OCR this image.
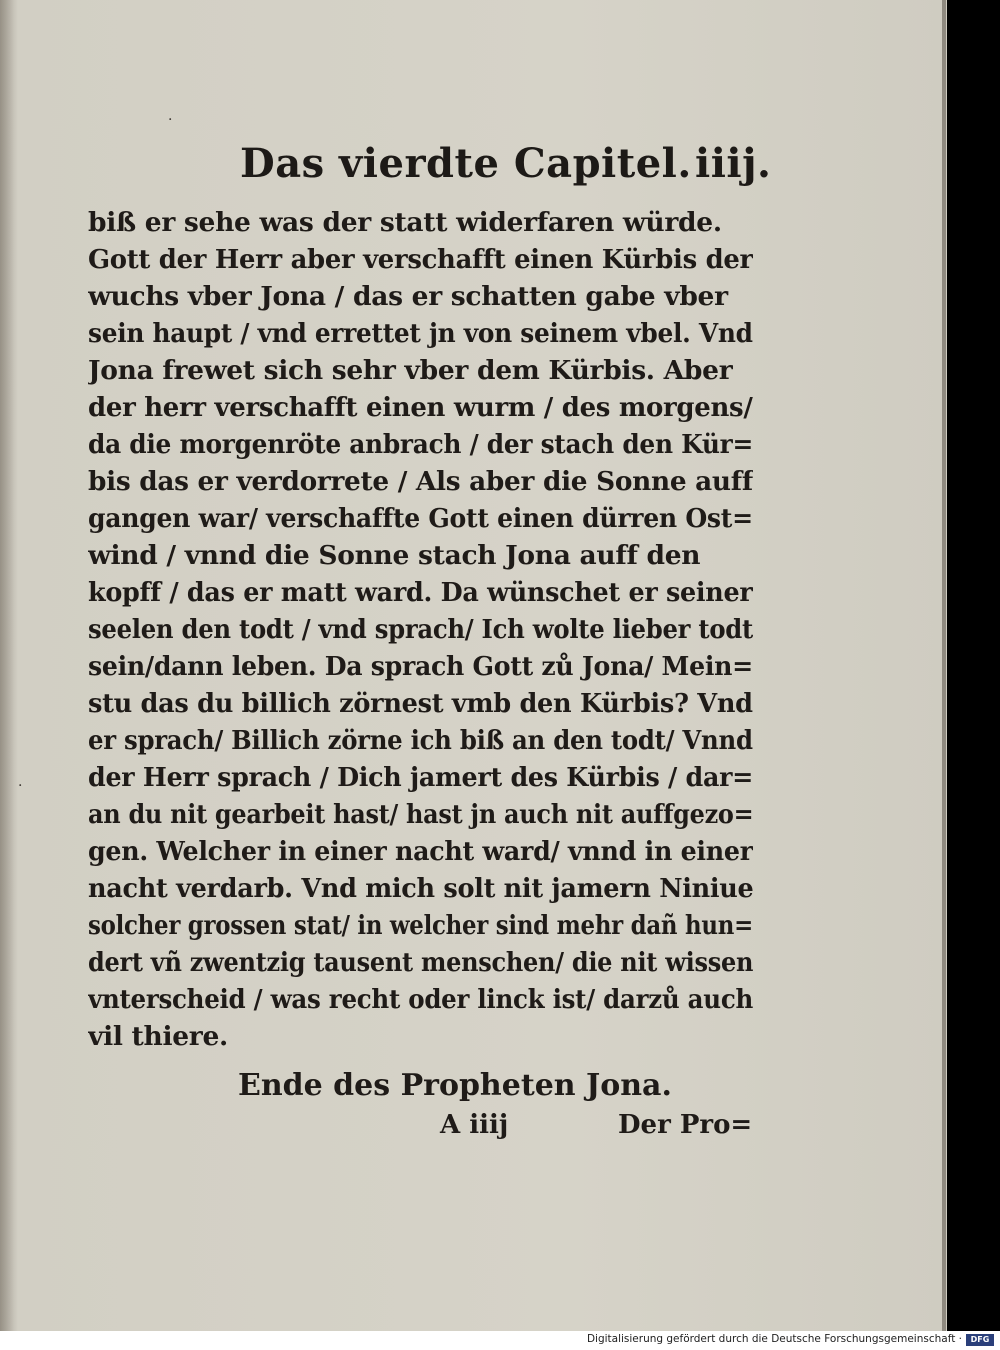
·
·
Das vierdte Capitel. iiij.
biß er sehe was der statt widerfaren würde.
Gott der Herr aber verschafft einen Kürbis der
wuchs vber Jona / das er schatten gabe vber
sein haupt / vnd errettet jn von seinem vbel. Vnd
Jona frewet sich sehr vber dem Kürbis. Aber
der herr verschafft einen wurm / des morgens/
da die morgenröte anbrach / der stach den Kür=
bis das er verdorrete / Als aber die Sonne auff
gangen war/ verschaffte Gott einen dürren Ost=
wind / vnnd die Sonne stach Jona auff den
kopff / das er matt ward. Da wünschet er seiner
seelen den todt / vnd sprach/ Ich wolte lieber todt
sein/dann leben. Da sprach Gott zů Jona/ Mein=
stu das du billich zörnest vmb den Kürbis? Vnd
er sprach/ Billich zörne ich biß an den todt/ Vnnd
der Herr sprach / Dich jamert des Kürbis / dar=
an du nit gearbeit hast/ hast jn auch nit auffgezo=
gen. Welcher in einer nacht ward/ vnnd in einer
nacht verdarb. Vnd mich solt nit jamern Niniue
solcher grossen stat/ in welcher sind mehr dañ hun=
dert vñ zwentzig tausent menschen/ die nit wissen
vnterscheid / was recht oder linck ist/ darzů auch
vil thiere.
Ende des Propheten Jona.
A iiij	Der Pro=
Digitalisierung gefördert durch die Deutsche Forschungsgemeinschaft ·	DFG
